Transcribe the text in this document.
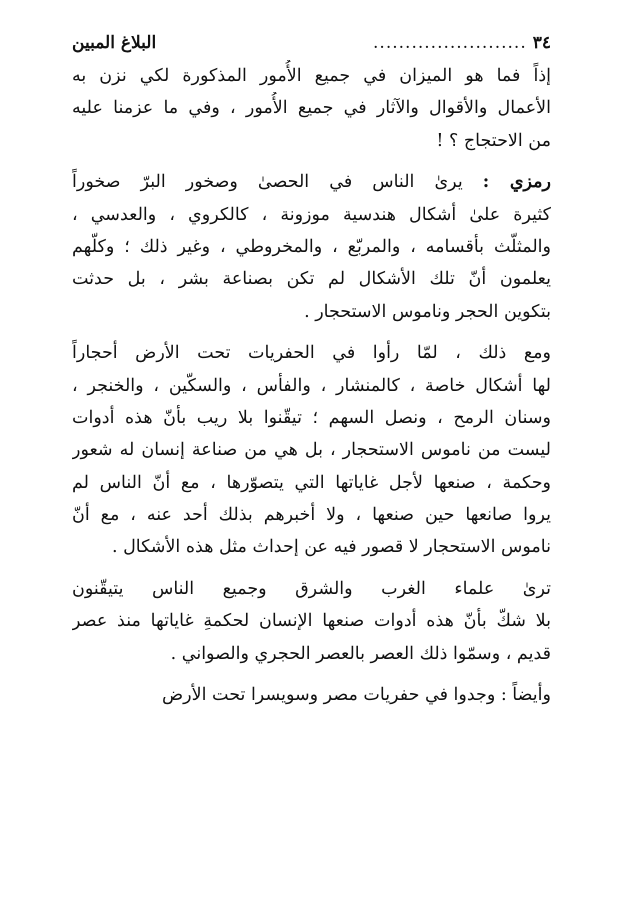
٣٤
........................
البلاغ المبين
إذاً فما هو الميزان في جميع الأُمور المذكورة لكي نزن به
الأعمال والأقوال والآثار في جميع الأُمور ، وفي ما عزمنا عليه
من الاحتجاج ؟ !
رمزي : يرىٰ الناس في الحصىٰ وصخور البرّ صخوراً
كثيرة علىٰ أشكال هندسية موزونة ، كالكروي ، والعدسي ،
والمثلّث بأقسامه ، والمربّع ، والمخروطي ، وغير ذلك ؛ وكلّهم
يعلمون أنّ تلك الأشكال لم تكن بصناعة بشر ، بل حدثت
بتكوين الحجر وناموس الاستحجار .
ومع ذلك ، لمّا رأوا في الحفريات تحت الأرض أحجاراً
لها أشكال خاصة ، كالمنشار ، والفأس ، والسكّين ، والخنجر ،
وسنان الرمح ، ونصل السهم ؛ تيقّنوا بلا ريب بأنّ هذه أدوات
ليست من ناموس الاستحجار ، بل هي من صناعة إنسان له شعور
وحكمة ، صنعها لأجل غاياتها التي يتصوّرها ، مع أنّ الناس لم
يروا صانعها حين صنعها ، ولا أخبرهم بذلك أحد عنه ، مع أنّ
ناموس الاستحجار لا قصور فيه عن إحداث مثل هذه الأشكال .
ترىٰ علماء الغرب والشرق وجميع الناس يتيقّنون
بلا شكّ بأنّ هذه أدوات صنعها الإنسان لحكمةِ غاياتها منذ عصر
قديم ، وسمّوا ذلك العصر بالعصر الحجري والصواني .
وأيضاً : وجدوا في حفريات مصر وسويسرا تحت الأرض
